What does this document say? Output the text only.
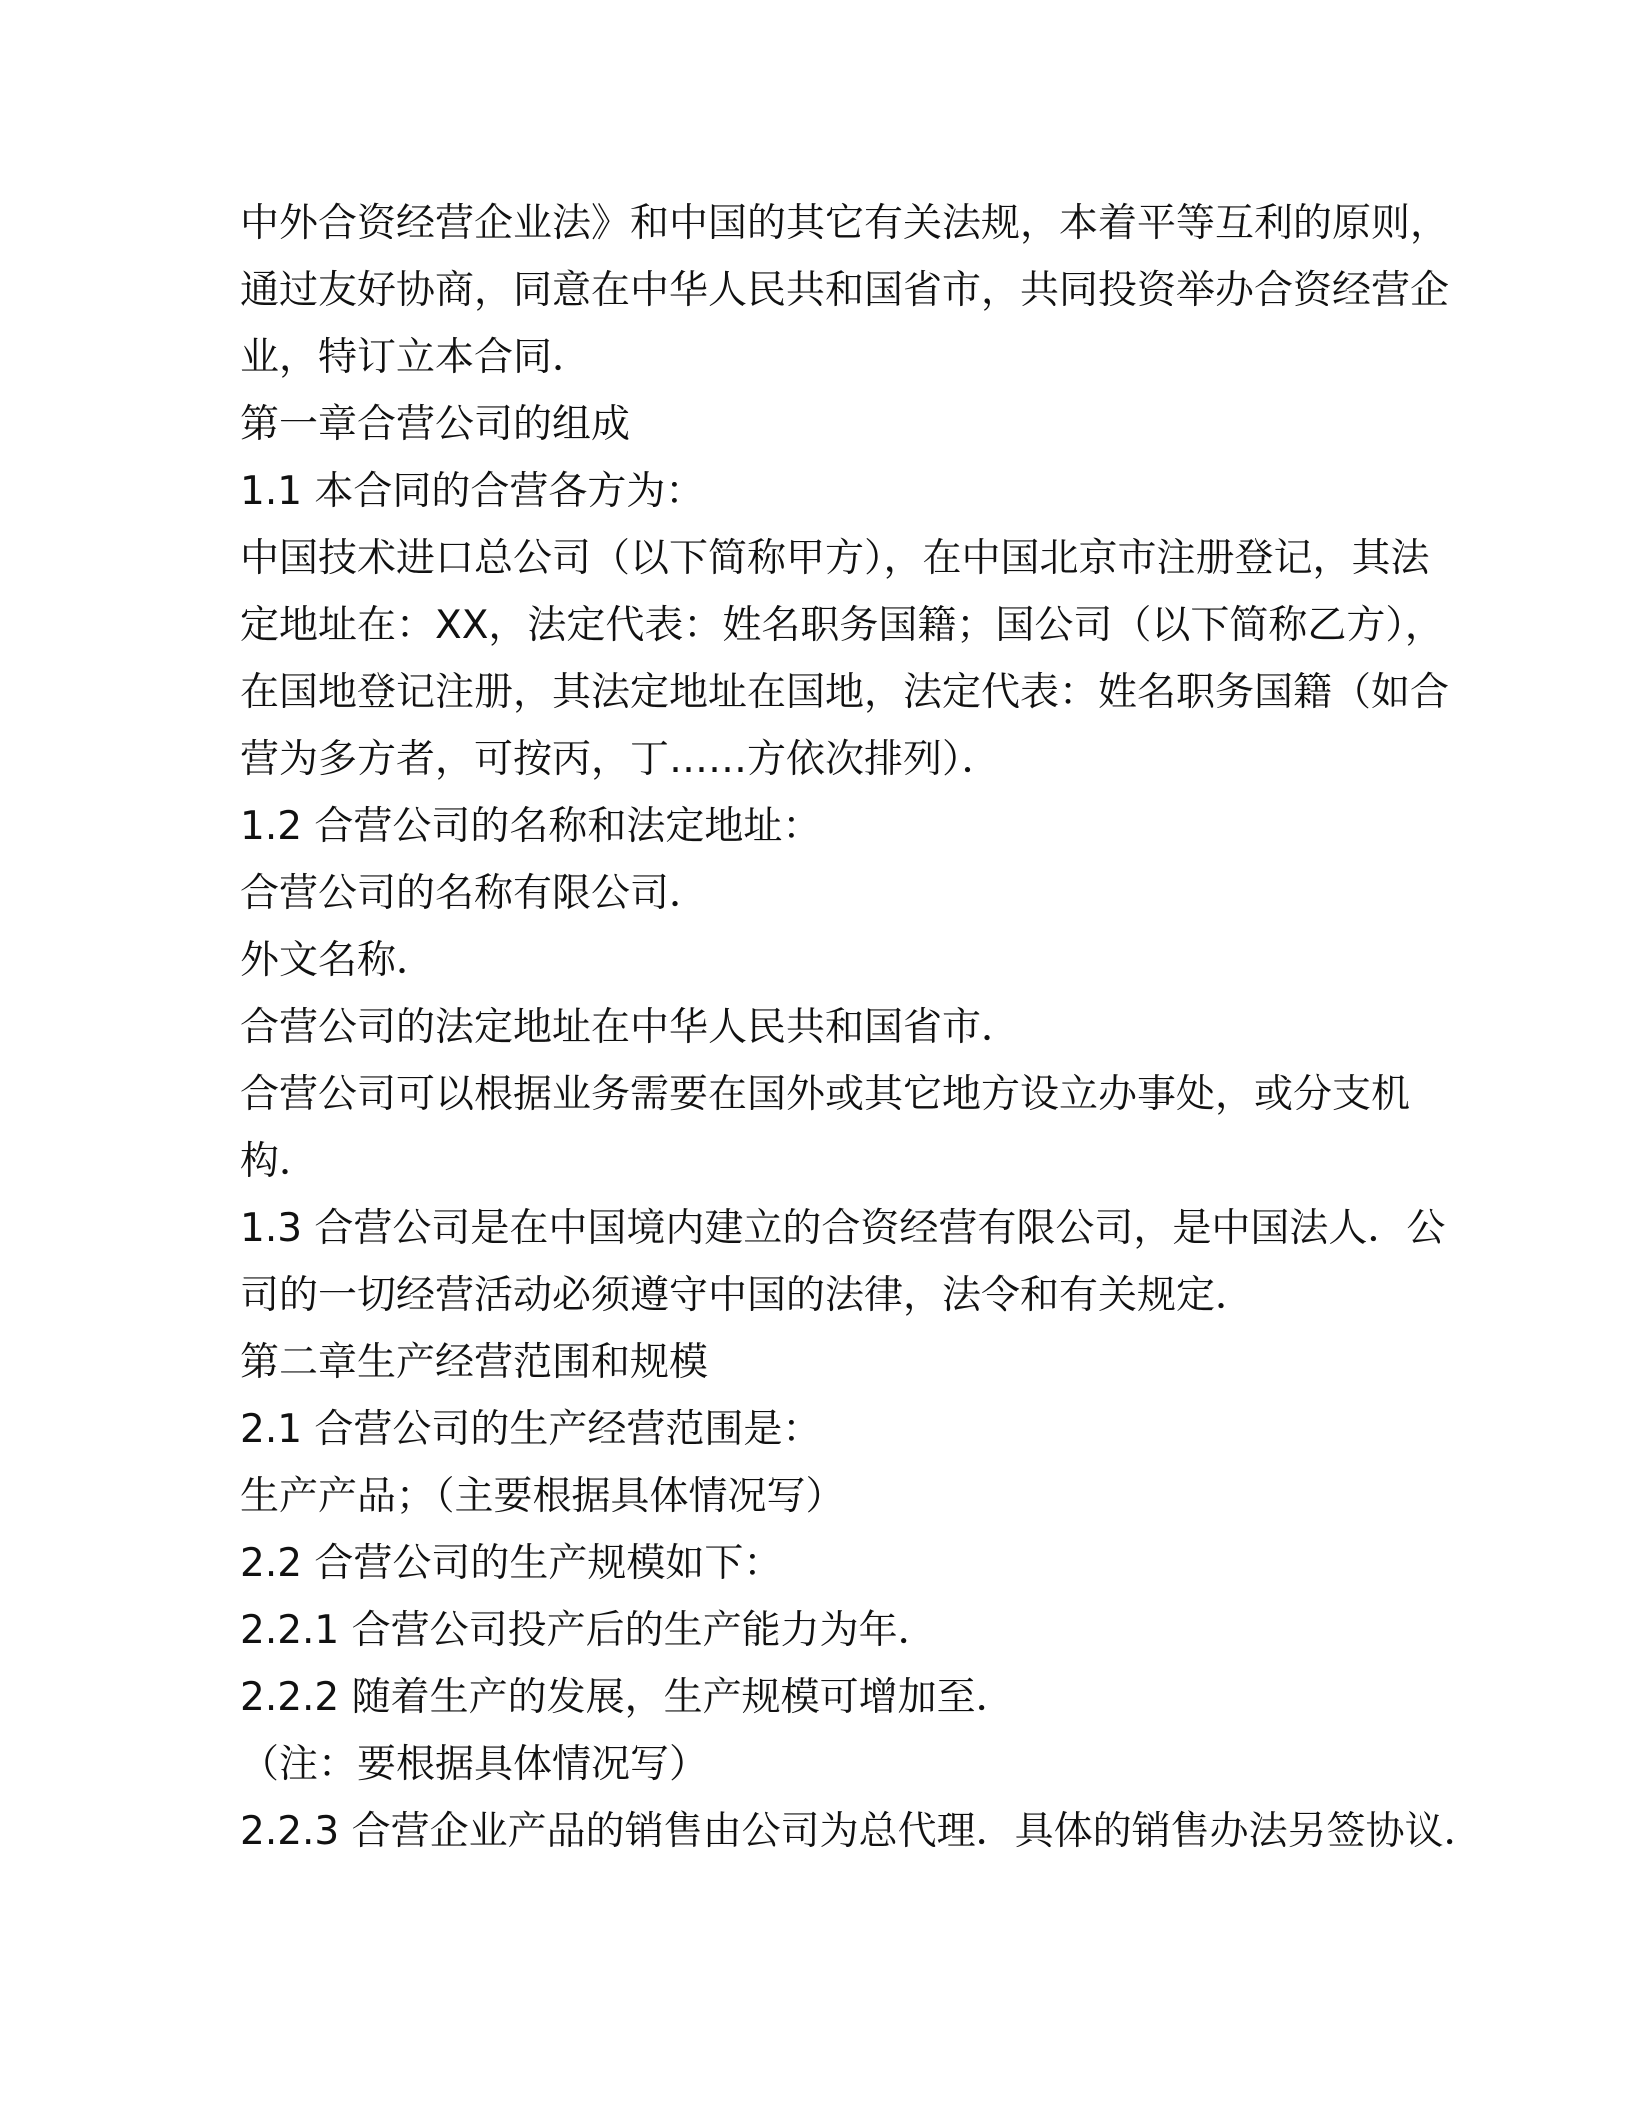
中外合资经营企业法》和中国的其它有关法规，本着平等互利的原则，
通过友好协商，同意在中华人民共和国省市，共同投资举办合资经营企
业，特订立本合同．
第一章合营公司的组成
1.1 本合同的合营各方为：
中国技术进口总公司（以下简称甲方），在中国北京市注册登记，其法
定地址在：XX，法定代表：姓名职务国籍；国公司（以下简称乙方），
在国地登记注册，其法定地址在国地，法定代表：姓名职务国籍（如合
营为多方者，可按丙，丁……方依次排列）．
1.2 合营公司的名称和法定地址：
合营公司的名称有限公司．
外文名称．
合营公司的法定地址在中华人民共和国省市．
合营公司可以根据业务需要在国外或其它地方设立办事处，或分支机
构．
1.3 合营公司是在中国境内建立的合资经营有限公司，是中国法人．公
司的一切经营活动必须遵守中国的法律，法令和有关规定．
第二章生产经营范围和规模
2.1 合营公司的生产经营范围是：
生产产品；（主要根据具体情况写）
2.2 合营公司的生产规模如下：
2.2.1 合营公司投产后的生产能力为年．
2.2.2 随着生产的发展，生产规模可增加至．
（注：要根据具体情况写）
2.2.3 合营企业产品的销售由公司为总代理．具体的销售办法另签协议．
